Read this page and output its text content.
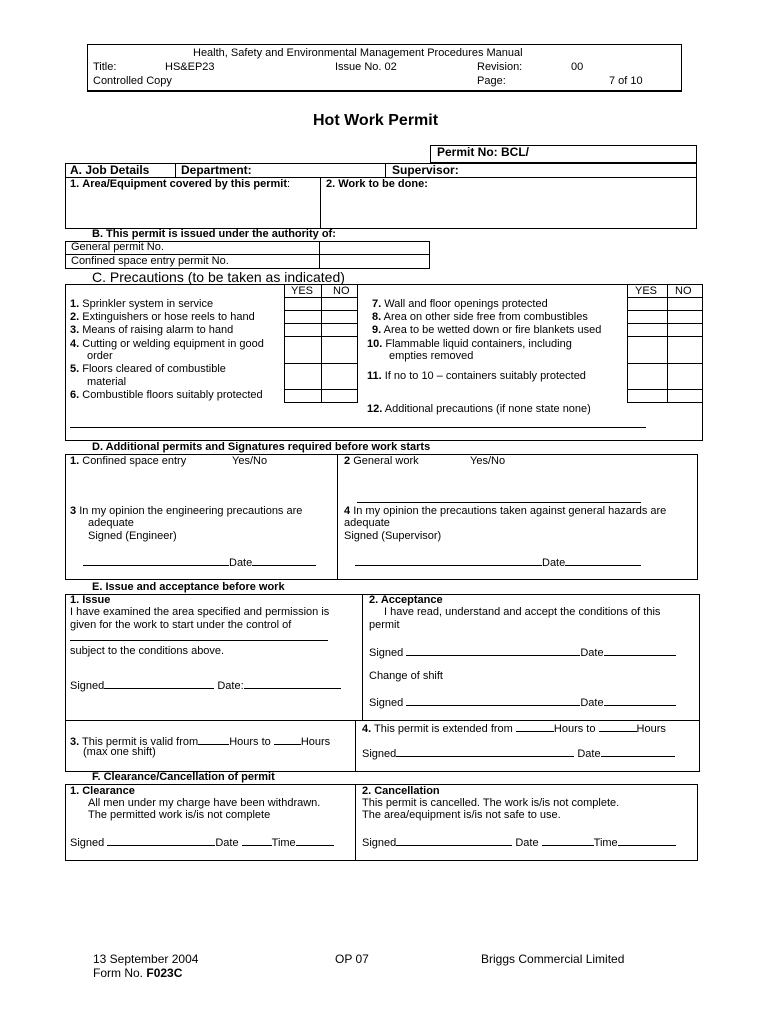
Health, Safety and Environmental Management Procedures Manual
Title:	HS&EP23	Issue No. 02	Revision:	00
Controlled Copy	Page:	7 of 10
Hot Work Permit
Permit No: BCL/
A. Job Details	Department:	Supervisor:
1. Area/Equipment covered by this permit:	2. Work to be done:
B. This permit is issued under the authority of:
General permit No.
Confined space entry permit No.
C. Precautions (to be taken as indicated)
YES NO	YES NO
1. Sprinkler system in service
2. Extinguishers or hose reels to hand
3. Means of raising alarm to hand
4. Cutting or welding equipment in good
order
5. Floors cleared of combustible
material
6. Combustible floors suitably protected
7. Wall and floor openings protected
8. Area on other side free from combustibles
9. Area to be wetted down or fire blankets used
10. Flammable liquid containers, including
empties removed
11. If no to 10 – containers suitably protected
12. Additional precautions (if none state none)
D. Additional permits and Signatures required before work starts
1. Confined space entry	Yes/No	2 General work	Yes/No
3 In my opinion the engineering precautions are
adequate
Signed (Engineer)
Date
4 In my opinion the precautions taken against general hazards are
adequate
Signed (Supervisor)
Date
E. Issue and acceptance before work
1. Issue
I have examined the area specified and permission is
given for the work to start under the control of
subject to the conditions above.
Signed	Date:
2. Acceptance
I have read, understand and accept the conditions of this
permit
Signed	Date
Change of shift
Signed	Date
3. This permit is valid from	Hours to	Hours
(max one shift)
4. This permit is extended from	Hours to	Hours
Signed	Date
F. Clearance/Cancellation of permit
1. Clearance
All men under my charge have been withdrawn.
The permitted work is/is not complete
Signed	Date	Time
2. Cancellation
This permit is cancelled. The work is/is not complete.
The area/equipment is/is not safe to use.
Signed	Date	Time
13 September 2004
Form No. F023C
OP 07	Briggs Commercial Limited
